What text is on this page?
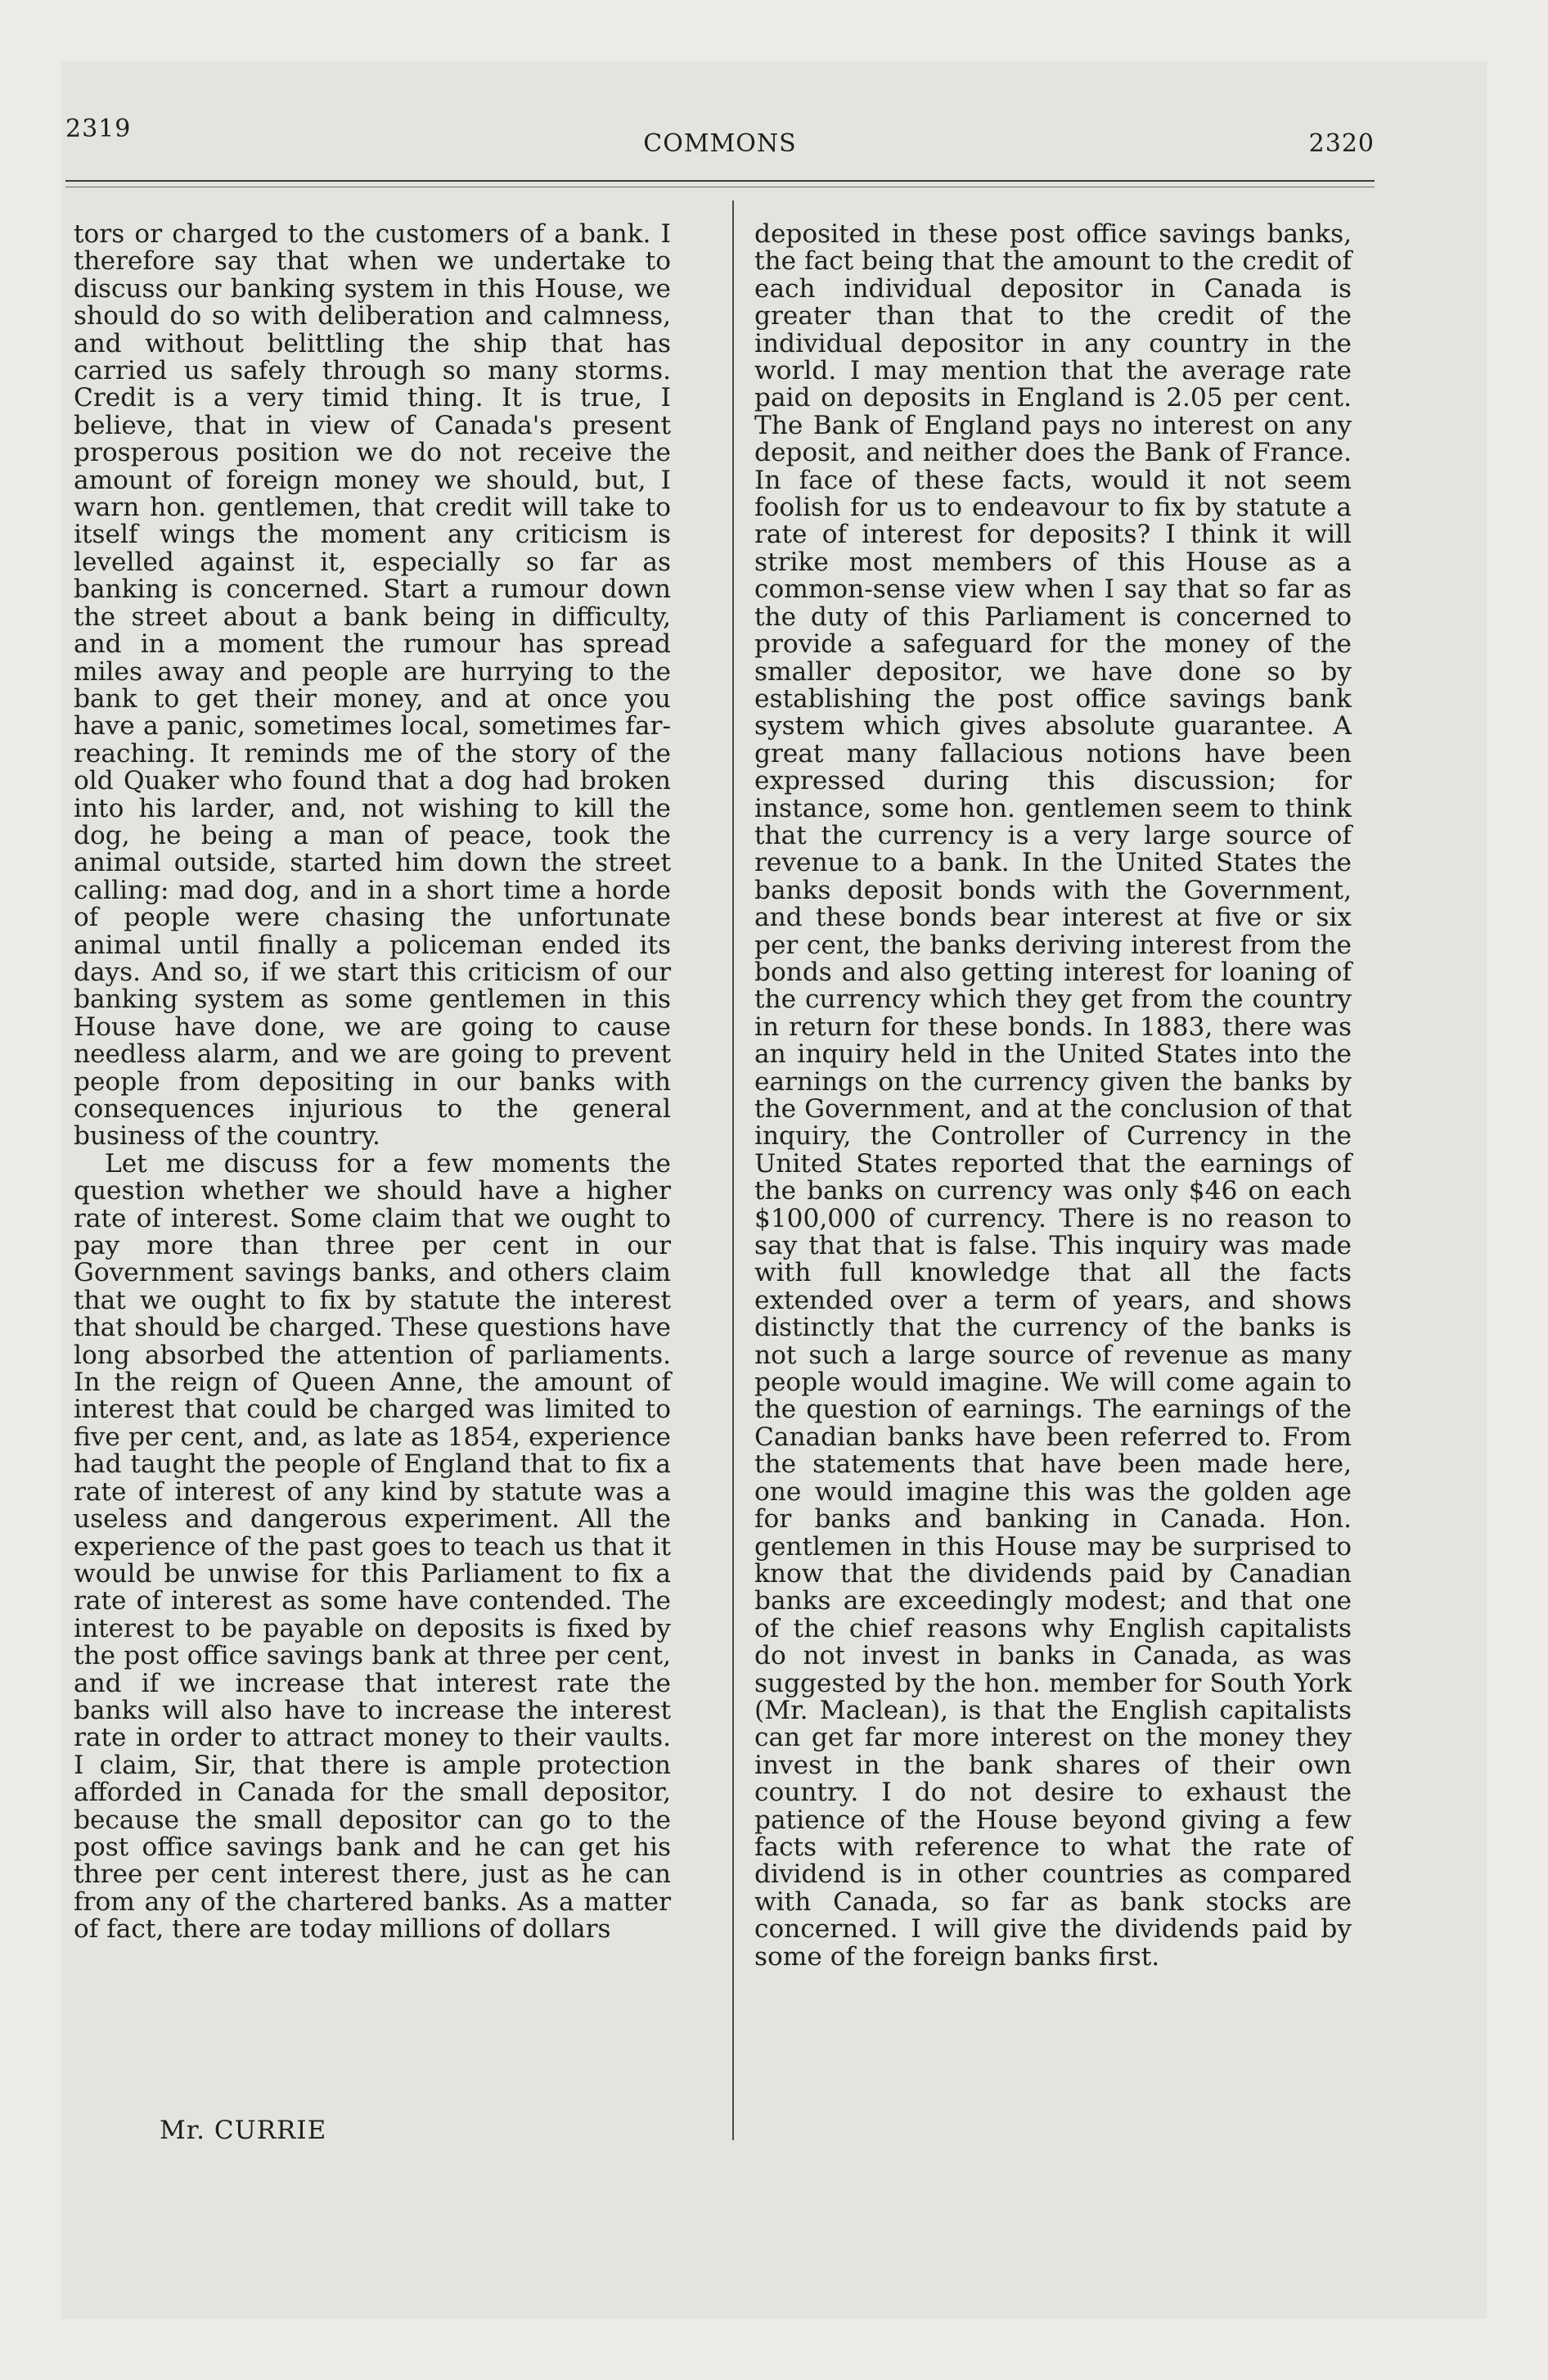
2319
COMMONS	2320

tors or charged to the customers of a bank. I therefore say that when we undertake to discuss our banking system in this House, we should do so with deliberation and calmness, and without belittling the ship that has carried us safely through so many storms. Credit is a very timid thing. It is true, I believe, that in view of Canada's present prosperous position we do not receive the amount of foreign money we should, but, I warn hon. gentlemen, that credit will take to itself wings the moment any criticism is levelled against it, especially so far as banking is concerned. Start a rumour down the street about a bank being in difficulty, and in a moment the rumour has spread miles away and people are hurrying to the bank to get their money, and at once you have a panic, sometimes local, sometimes far-reaching. It reminds me of the story of the old Quaker who found that a dog had broken into his larder, and, not wishing to kill the dog, he being a man of peace, took the animal outside, started him down the street calling: mad dog, and in a short time a horde of people were chasing the unfortunate animal until finally a policeman ended its days. And so, if we start this criticism of our banking system as some gentlemen in this House have done, we are going to cause needless alarm, and we are going to prevent people from depositing in our banks with consequences injurious to the general business of the country.

Let me discuss for a few moments the question whether we should have a higher rate of interest. Some claim that we ought to pay more than three per cent in our Government savings banks, and others claim that we ought to fix by statute the interest that should be charged. These questions have long absorbed the attention of parliaments. In the reign of Queen Anne, the amount of interest that could be charged was limited to five per cent, and, as late as 1854, experience had taught the people of England that to fix a rate of interest of any kind by statute was a useless and dangerous experiment. All the experience of the past goes to teach us that it would be unwise for this Parliament to fix a rate of interest as some have contended. The interest to be payable on deposits is fixed by the post office savings bank at three per cent, and if we increase that interest rate the banks will also have to increase the interest rate in order to attract money to their vaults. I claim, Sir, that there is ample protection afforded in Canada for the small depositor, because the small depositor can go to the post office savings bank and he can get his three per cent interest there, just as he can from any of the chartered banks. As a matter of fact, there are today millions of dollars

deposited in these post office savings banks, the fact being that the amount to the credit of each individual depositor in Canada is greater than that to the credit of the individual depositor in any country in the world. I may mention that the average rate paid on deposits in England is 2.05 per cent. The Bank of England pays no interest on any deposit, and neither does the Bank of France. In face of these facts, would it not seem foolish for us to endeavour to fix by statute a rate of interest for deposits? I think it will strike most members of this House as a common-sense view when I say that so far as the duty of this Parliament is concerned to provide a safeguard for the money of the smaller depositor, we have done so by establishing the post office savings bank system which gives absolute guarantee. A great many fallacious notions have been expressed during this discussion; for instance, some hon. gentlemen seem to think that the currency is a very large source of revenue to a bank. In the United States the banks deposit bonds with the Government, and these bonds bear interest at five or six per cent, the banks deriving interest from the bonds and also getting interest for loaning of the currency which they get from the country in return for these bonds. In 1883, there was an inquiry held in the United States into the earnings on the currency given the banks by the Government, and at the conclusion of that inquiry, the Controller of Currency in the United States reported that the earnings of the banks on currency was only $46 on each $100,000 of currency. There is no reason to say that that is false. This inquiry was made with full knowledge that all the facts extended over a term of years, and shows distinctly that the currency of the banks is not such a large source of revenue as many people would imagine. We will come again to the question of earnings. The earnings of the Canadian banks have been referred to. From the statements that have been made here, one would imagine this was the golden age for banks and banking in Canada. Hon. gentlemen in this House may be surprised to know that the dividends paid by Canadian banks are exceedingly modest; and that one of the chief reasons why English capitalists do not invest in banks in Canada, as was suggested by the hon. member for South York (Mr. Maclean), is that the English capitalists can get far more interest on the money they invest in the bank shares of their own country. I do not desire to exhaust the patience of the House beyond giving a few facts with reference to what the rate of dividend is in other countries as compared with Canada, so far as bank stocks are concerned. I will give the dividends paid by some of the foreign banks first.

Mr. CURRIE
